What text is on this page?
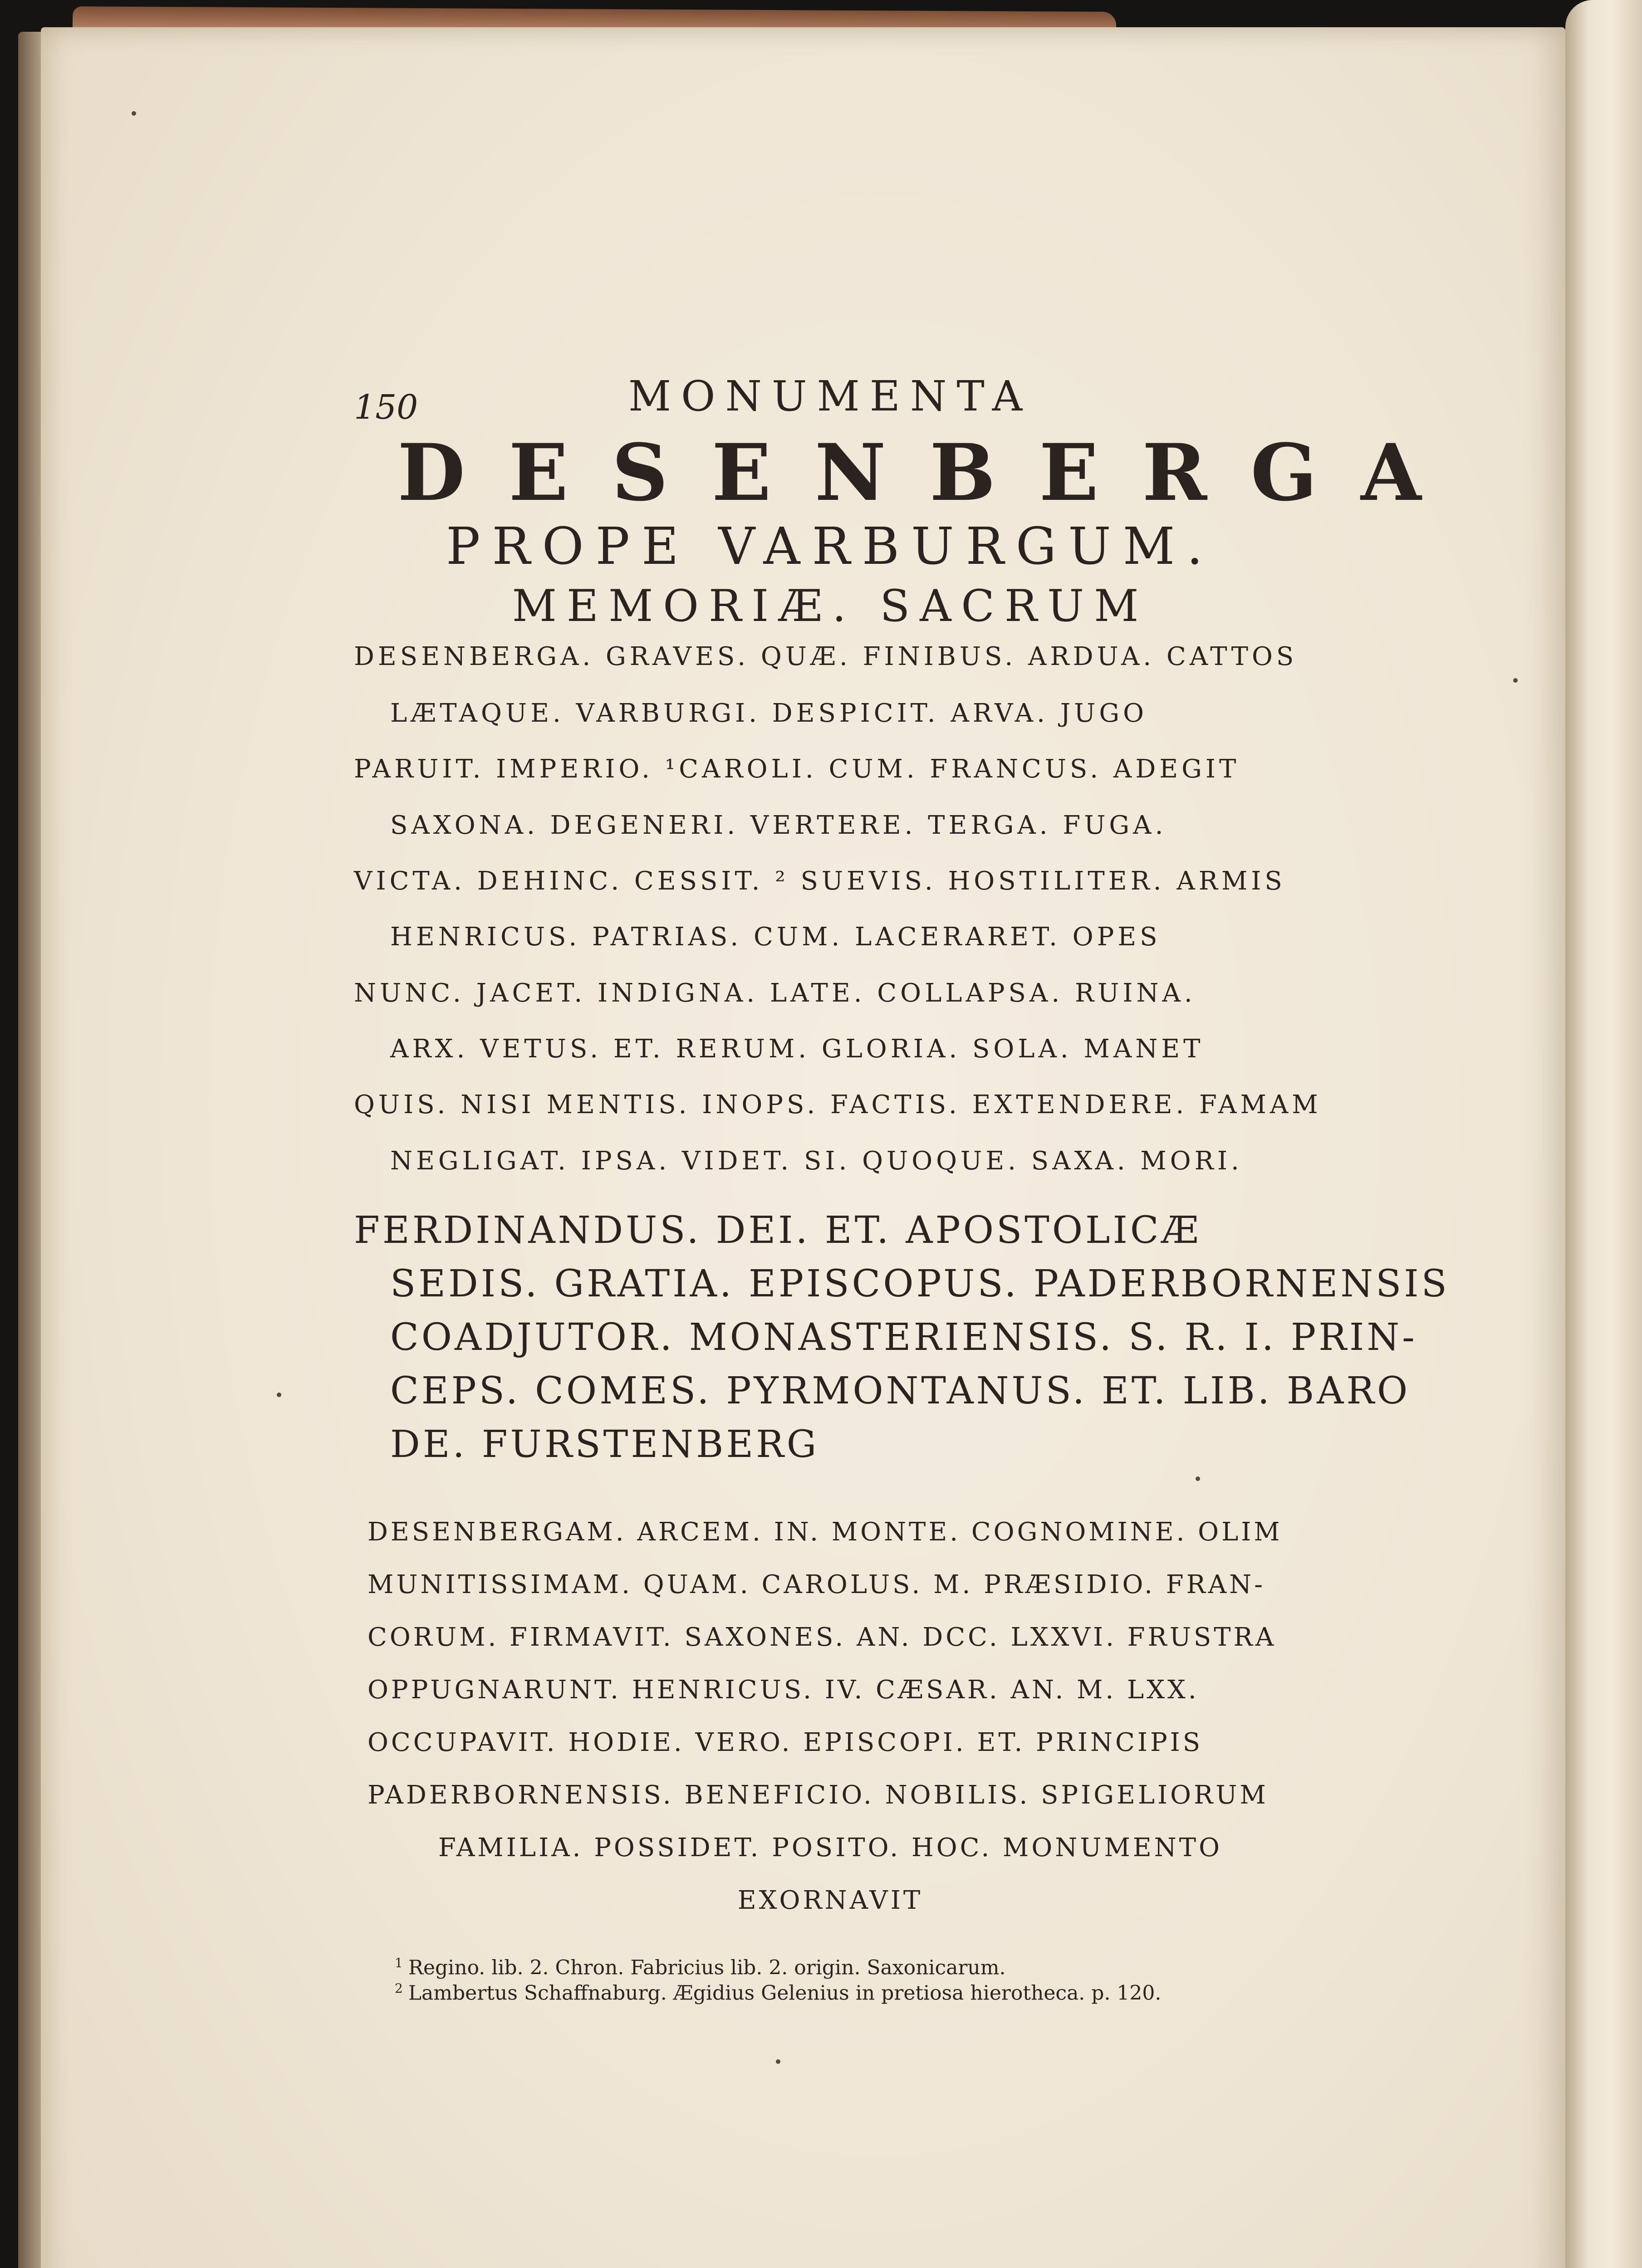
150	MONUMENTA
DESENBERGA
PROPE VARBURGUM.
MEMORIÆ. SACRUM
DESENBERGA. GRAVES. QUÆ. FINIBUS. ARDUA. CATTOS
LÆTAQUE. VARBURGI. DESPICIT. ARVA. JUGO
PARUIT. IMPERIO. ¹CAROLI. CUM. FRANCUS. ADEGIT
SAXONA. DEGENERI. VERTERE. TERGA. FUGA.
VICTA. DEHINC. CESSIT. ² SUEVIS. HOSTILITER. ARMIS
HENRICUS. PATRIAS. CUM. LACERARET. OPES
NUNC. JACET. INDIGNA. LATE. COLLAPSA. RUINA.
ARX. VETUS. ET. RERUM. GLORIA. SOLA. MANET
QUIS. NISI MENTIS. INOPS. FACTIS. EXTENDERE. FAMAM
NEGLIGAT. IPSA. VIDET. SI. QUOQUE. SAXA. MORI.
FERDINANDUS. DEI. ET. APOSTOLICÆ
SEDIS. GRATIA. EPISCOPUS. PADERBORNENSIS
COADJUTOR. MONASTERIENSIS. S. R. I. PRIN-
CEPS. COMES. PYRMONTANUS. ET. LIB. BARO
DE. FURSTENBERG
DESENBERGAM. ARCEM. IN. MONTE. COGNOMINE. OLIM
MUNITISSIMAM. QUAM. CAROLUS. M. PRÆSIDIO. FRAN-
CORUM. FIRMAVIT. SAXONES. AN. DCC. LXXVI. FRUSTRA
OPPUGNARUNT. HENRICUS. IV. CÆSAR. AN. M. LXX.
OCCUPAVIT. HODIE. VERO. EPISCOPI. ET. PRINCIPIS
PADERBORNENSIS. BENEFICIO. NOBILIS. SPIGELIORUM
FAMILIA. POSSIDET. POSITO. HOC. MONUMENTO
EXORNAVIT
$^1$ Regino. lib. 2. Chron. Fabricius lib. 2. origin. Saxonicarum.
$^2$ Lambertus Schaffnaburg. Ægidius Gelenius in pretiosa hierotheca. p. 120.
